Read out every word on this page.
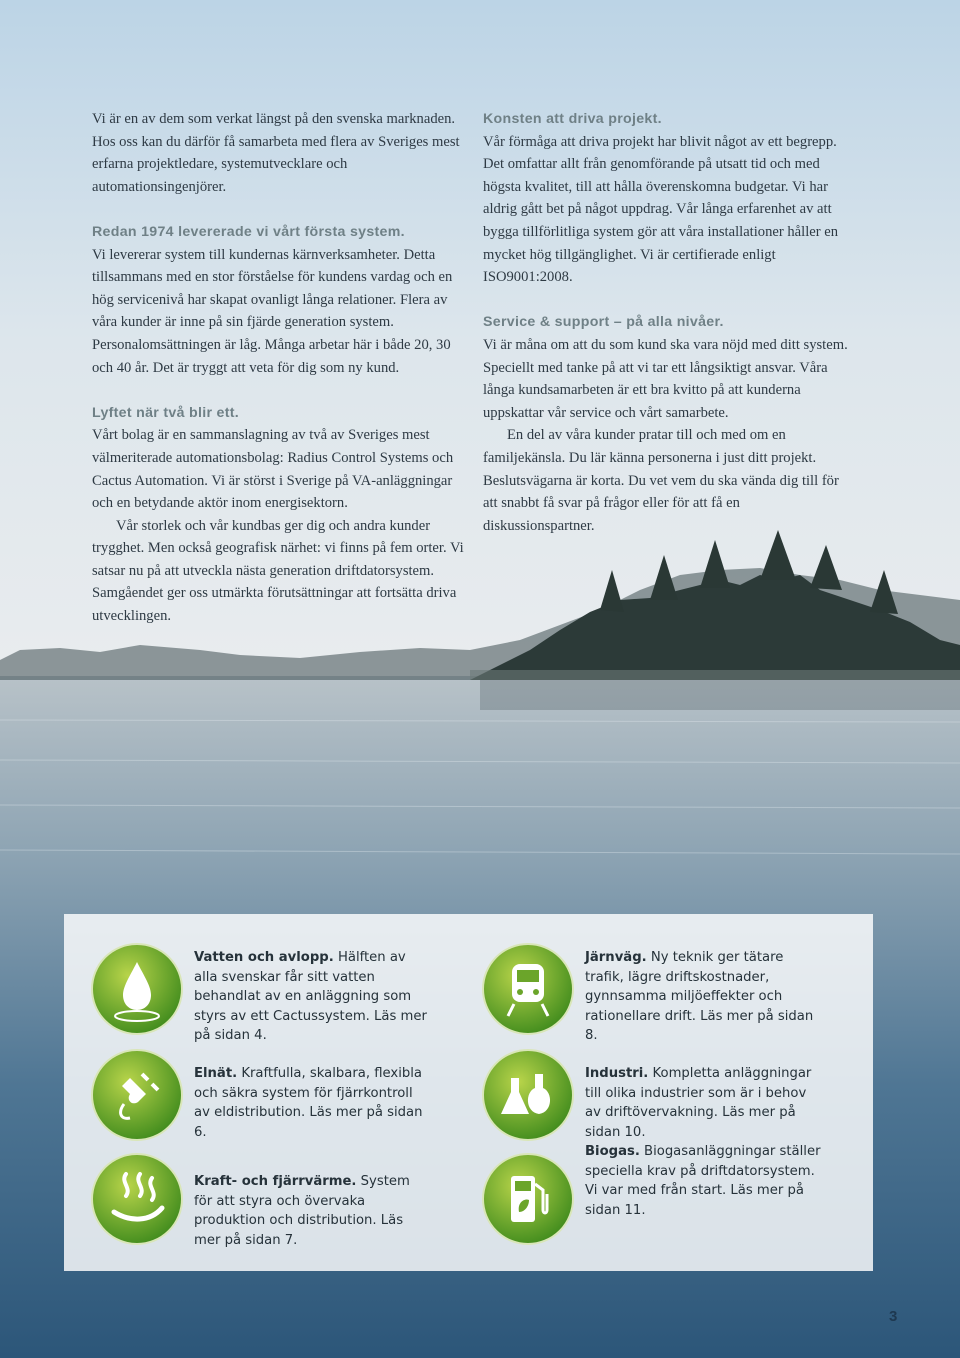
Vi är en av dem som verkat längst på den svenska marknaden. Hos oss kan du därför få samarbeta med flera av Sveriges mest erfarna projektledare, systemutvecklare och automationsingenjörer.

Redan 1974 levererade vi vårt första system.

Vi levererar system till kundernas kärnverksamheter. Detta tillsammans med en stor förståelse för kundens vardag och en hög servicenivå har skapat ovanligt långa relationer. Flera av våra kunder är inne på sin fjärde generation system. Personalomsättningen är låg. Många arbetar här i både 20, 30 och 40 år. Det är tryggt att veta för dig som ny kund.

Lyftet när två blir ett.

Vårt bolag är en sammanslagning av två av Sveriges mest välmeriterade automationsbolag: Radius Control Systems och Cactus Automation. Vi är störst i Sverige på VA-anläggningar och en betydande aktör inom energisektorn.

Vår storlek och vår kundbas ger dig och andra kunder trygghet. Men också geografisk närhet: vi finns på fem orter. Vi satsar nu på att utveckla nästa generation driftdatorsystem. Samgåendet ger oss utmärkta förutsättningar att fortsätta driva utvecklingen.

Konsten att driva projekt.

Vår förmåga att driva projekt har blivit något av ett begrepp. Det omfattar allt från genomförande på utsatt tid och med högsta kvalitet, till att hålla överenskomna budgetar. Vi har aldrig gått bet på något uppdrag. Vår långa erfarenhet av att bygga tillförlitliga system gör att våra installationer håller en mycket hög tillgänglighet. Vi är certifierade enligt ISO9001:2008.

Service & support – på alla nivåer.

Vi är måna om att du som kund ska vara nöjd med ditt system. Speciellt med tanke på att vi tar ett långsiktigt ansvar. Våra långa kundsamarbeten är ett bra kvitto på att kunderna uppskattar vår service och vårt samarbete.

En del av våra kunder pratar till och med om en familjekänsla. Du lär känna personerna i just ditt projekt. Beslutsvägarna är korta. Du vet vem du ska vända dig till för att snabbt få svar på frågor eller för att få en diskussionspartner.

Vatten och avlopp. Hälften av alla svenskar får sitt vatten behandlat av en anläggning som styrs av ett Cactussystem. Läs mer på sidan 4.
Järnväg. Ny teknik ger tätare trafik, lägre driftskostnader, gynnsamma miljöeffekter och rationellare drift. Läs mer på sidan 8.
Elnät. Kraftfulla, skalbara, flexibla och säkra system för fjärrkontroll av eldistribution. Läs mer på sidan 6.
Industri. Kompletta anläggningar till olika industrier som är i behov av driftövervakning. Läs mer på sidan 10.
Kraft- och fjärrvärme. System för att styra och övervaka produktion och distribution. Läs mer på sidan 7.
Biogas. Biogasanläggningar ställer speciella krav på driftdatorsystem. Vi var med från start. Läs mer på sidan 11.
3
